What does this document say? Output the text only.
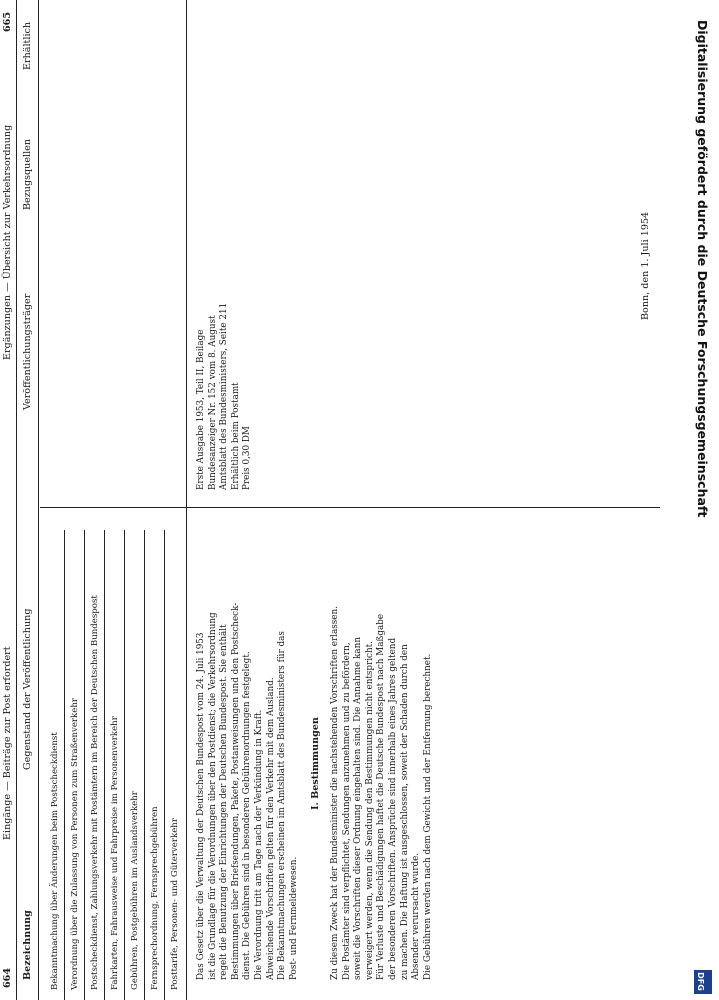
664
Eingänge — Beiträge zur Post erfordert
Ergänzungen — Übersicht zur Verkehrsordnung
665
Bezeichnung
Gegenstand der Veröffentlichung
Veröffentlichungsträger
Bezugsquellen
Erhältlich
Bekanntmachung über Änderungen beim Postscheckdienst Verordnung über die Zulassung von Personen zum Straßenverkehr Postscheckdienst, Zahlungsverkehr mit Postämtern im Bereich der Deutschen Bundespost Fahrkarten, Fahrausweise und Fahrpreise im Personenverkehr Gebühren, Postgebühren im Auslandsverkehr Fernsprechordnung, Fernsprechgebühren Posttarife, Personen- und Güterverkehr Das Gesetz über die Verwaltung der Deutschen Bundespost vom 24. Juli 1953 ist die Grundlage für die Verordnungen über den Postdienst; die Verkehrsordnung regelt die Benutzung der Einrichtungen der Deutschen Bundespost. Sie enthält Bestimmungen über Briefsendungen, Pakete, Postanweisungen und den Postscheck- dienst. Die Gebühren sind in besonderen Gebührenordnungen festgelegt. Die Verordnung tritt am Tage nach der Verkündung in Kraft. Abweichende Vorschriften gelten für den Verkehr mit dem Ausland. Die Bekanntmachungen erscheinen im Amtsblatt des Bundesministers für das Post- und Fernmeldewesen.
I. Bestimmungen Zu diesem Zweck hat der Bundesminister die nachstehenden Vorschriften erlassen. Die Postämter sind verpflichtet, Sendungen anzunehmen und zu befördern, soweit die Vorschriften dieser Ordnung eingehalten sind. Die Annahme kann verweigert werden, wenn die Sendung den Bestimmungen nicht entspricht. Für Verluste und Beschädigungen haftet die Deutsche Bundespost nach Maßgabe der besonderen Vorschriften. Ansprüche sind innerhalb eines Jahres geltend zu machen. Die Haftung ist ausgeschlossen, soweit der Schaden durch den Absender verursacht wurde. Die Gebühren werden nach dem Gewicht und der Entfernung berechnet.
Erste Ausgabe 1953, Teil II, Beilage Bundesanzeiger Nr. 152 vom 8. August Amtsblatt des Bundesministers, Seite 211 Erhältlich beim Postamt Preis 0,30 DM
Bonn, den 1. Juli 1954	Digitalisierung gefördert durch die Deutsche Forschungsgemeinschaft
DFG
